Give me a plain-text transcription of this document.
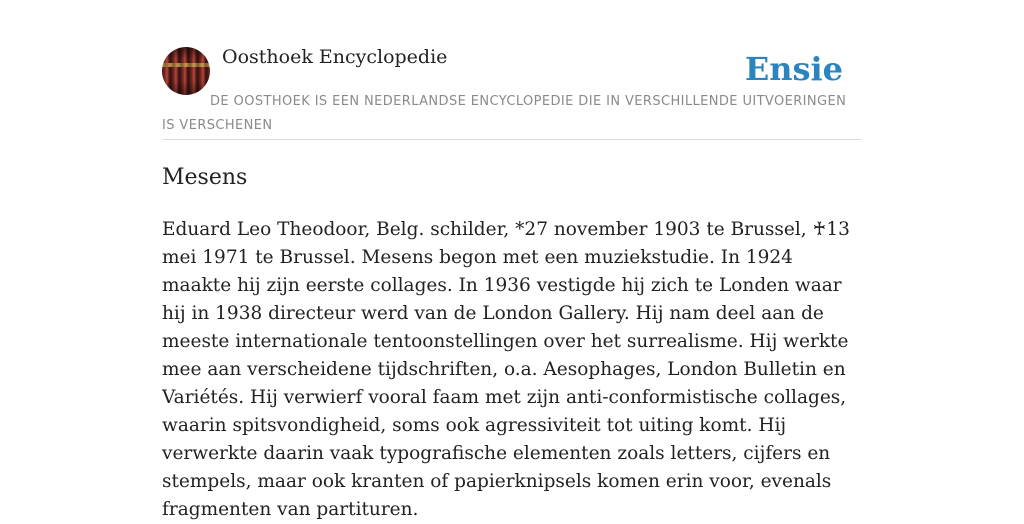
Oosthoek Encyclopedie	Ensie
DE OOSTHOEK IS EEN NEDERLANDSE ENCYCLOPEDIE DIE IN VERSCHILLENDE UITVOERINGEN IS VERSCHENEN
Mesens

Eduard Leo Theodoor, Belg. schilder, *27 november 1903 te Brussel, ♰13 mei 1971 te Brussel. Mesens begon met een muziekstudie. In 1924 maakte hij zijn eerste collages. In 1936 vestigde hij zich te Londen waar hij in 1938 directeur werd van de London Gallery. Hij nam deel aan de meeste internationale tentoonstellingen over het surrealisme. Hij werkte mee aan verscheidene tijdschriften, o.a. Aesophages, London Bulletin en Variétés. Hij verwierf vooral faam met zijn anti-conformistische collages, waarin spitsvondigheid, soms ook agressiviteit tot uiting komt. Hij verwerkte daarin vaak typografische elementen zoals letters, cijfers en stempels, maar ook kranten of papierknipsels komen erin voor, evenals fragmenten van partituren.
